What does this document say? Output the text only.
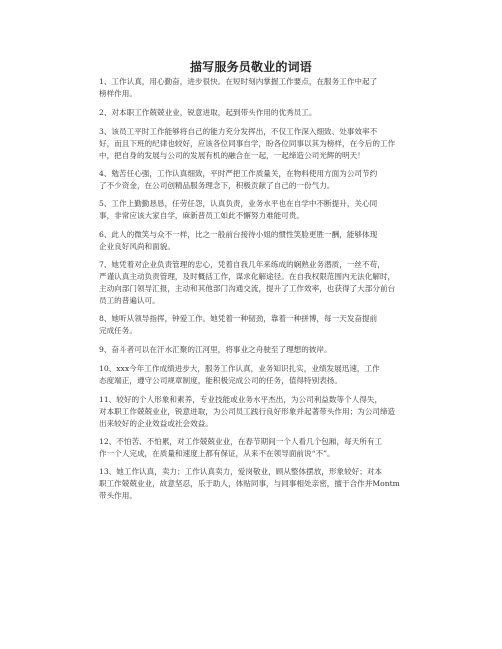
描写服务员敬业的词语
1、工作认真，用心勤奋，进步很快。在短时刻内掌握工作要点，在服务工作中起了
榜样作用。
2、对本职工作兢兢业业，锐意进取，起到带头作用的优秀员工。
3、该员工平时工作能够将自己的能力充分发挥出，不仅工作深入细致、处事效率不
好，而且下班的纪律也较好，应该各位同事自学，盼各位同事以其为榜样，在今后的工作
中，把自身的发展与公司的发展有机的融合在一起，一起缔造公司光辉的明天！
4、勉苦任心强，工作认真细致，平时严把工作质量关，在物料使用方面为公司节约
了不少资金，在公司创精品服务理念下，积极贡献了自己的一份气力。
5、工作上勤勤恳恳，任劳任怨，认真负责，业务水平也在自学中不断提升，关心同
事，非常应该大家自学，麻新普员工如此不懈努力难能可贵。
6、此人的微笑与众不一样，比之一般前台接待小姐的惯性笑脸更胜一酬，能够体现
企业良好风尚和面貌。
7、她凭着对企业负责管理的忠心，凭着自我几年来练成的娴熟业务潜质，一丝不苟，
严谨认真主动负责管理，及时概括工作，谋求化解途径。在自我权限范围内无法化解时，
主动向部门领导汇报，主动和其他部门沟通交流，提升了工作效率，也获得了大部分前台
员工的普遍认可。
8、她听从领导指挥，钟爱工作。她凭着一种韧劲，靠着一种拼博，每一天发奋提前
完成任务。
9、奋斗者可以在汗水汇聚的江河里，将事业之舟驶至了理想的彼岸。
10、xxx今年工作成绩进步大，服务工作认真，业务知识扎实，业绩发展迅速，工作
态度端正，遵守公司规章制度，能积极完成公司的任务，值得特别表扬。
11、较好的个人形象和素养，专业技能或业务水平杰出，为公司利益数等个人得失，
对本职工作兢兢业业，锐意进取，为公司员工践行良好形象并起著带头作用；为公司缔造
出来较好的企业效益或社会效益。
12、不怕苦、不怕累，对工作兢兢业业，在春节期间一个人看几个包厢，每天所有工
作一个人完成，在质量和速度上都有保证，从来不在领导面前说“不”。
13、她工作认真，卖力；工作认真卖力，爱岗敬业，顾从整体摆放，形象较好；对本
职工作兢兢业业，故意坚忍，乐于助人，体贴同事，与同事相处亲密，擅于合作并Montm
带头作用。
